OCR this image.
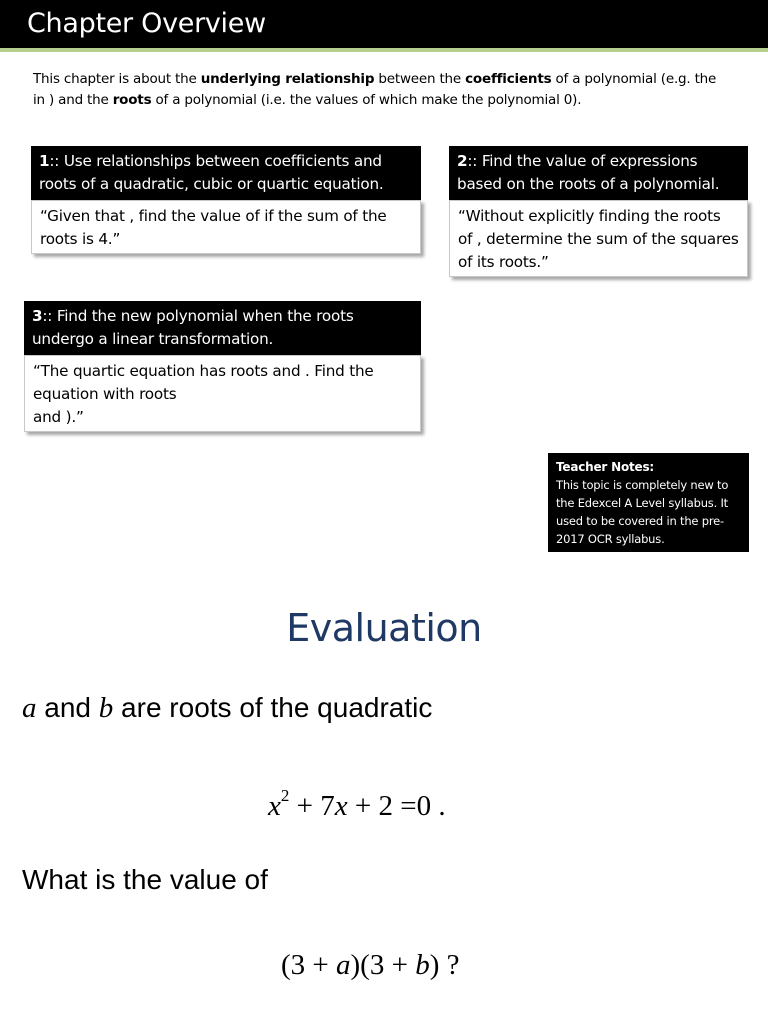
Chapter Overview
This chapter is about the underlying relationship between the coefficients of a polynomial (e.g. the in ) and the roots of a polynomial (i.e. the values of which make the polynomial 0).
1:: Use relationships between coefficients and roots of a quadratic, cubic or quartic equation.
“Given that , find the value of if the sum of the roots is 4.”
2:: Find the value of expressions based on the roots of a polynomial.
“Without explicitly finding the roots of , determine the sum of the squares of its roots.”
3:: Find the new polynomial when the roots undergo a linear transformation.
“The quartic equation has roots and . Find the equation with roots
and ).”
Teacher Notes:
This topic is completely new to the Edexcel A Level syllabus. It used to be covered in the pre-2017 OCR syllabus.
Evaluation
a and b are roots of the quadratic
$x^2 + 7x + 2 =0$ .
What is the value of
(3 + a)(3 + b) ?
